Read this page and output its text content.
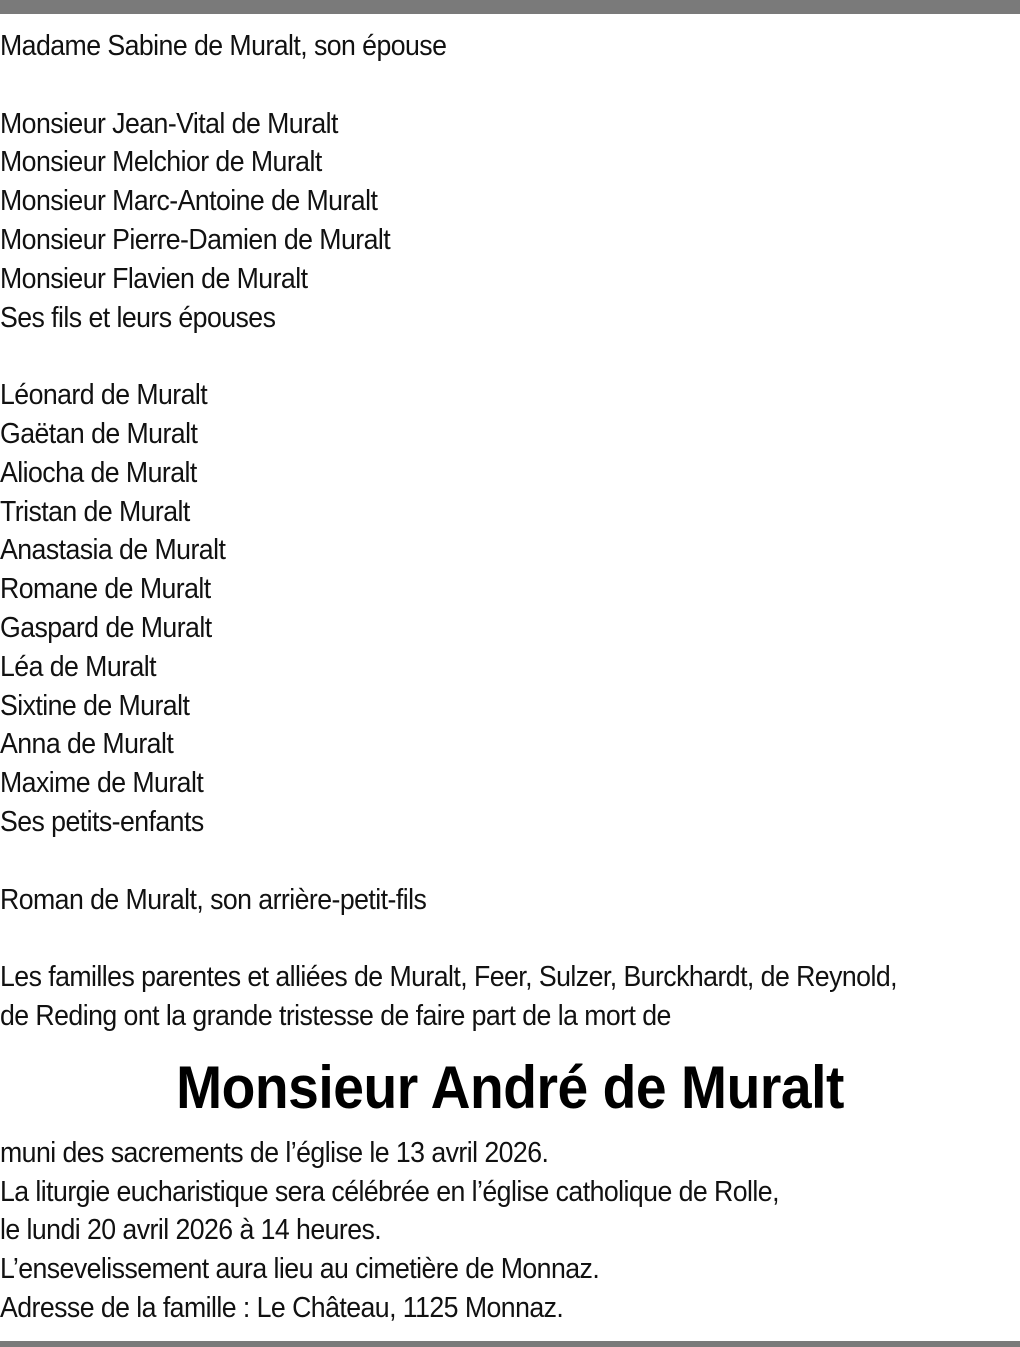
Madame Sabine de Muralt, son épouse
Monsieur Jean-Vital de Muralt
Monsieur Melchior de Muralt
Monsieur Marc-Antoine de Muralt
Monsieur Pierre-Damien de Muralt
Monsieur Flavien de Muralt
Ses fils et leurs épouses
Léonard de Muralt
Gaëtan de Muralt
Aliocha de Muralt
Tristan de Muralt
Anastasia de Muralt
Romane de Muralt
Gaspard de Muralt
Léa de Muralt
Sixtine de Muralt
Anna de Muralt
Maxime de Muralt
Ses petits-enfants
Roman de Muralt, son arrière-petit-fils
Les familles parentes et alliées de Muralt, Feer, Sulzer, Burckhardt, de Reynold,
de Reding ont la grande tristesse de faire part de la mort de
Monsieur André de Muralt
muni des sacrements de l’église le 13 avril 2026.
La liturgie eucharistique sera célébrée en l’église catholique de Rolle,
le lundi 20 avril 2026 à 14 heures.
L’ensevelissement aura lieu au cimetière de Monnaz.
Adresse de la famille : Le Château, 1125 Monnaz.
